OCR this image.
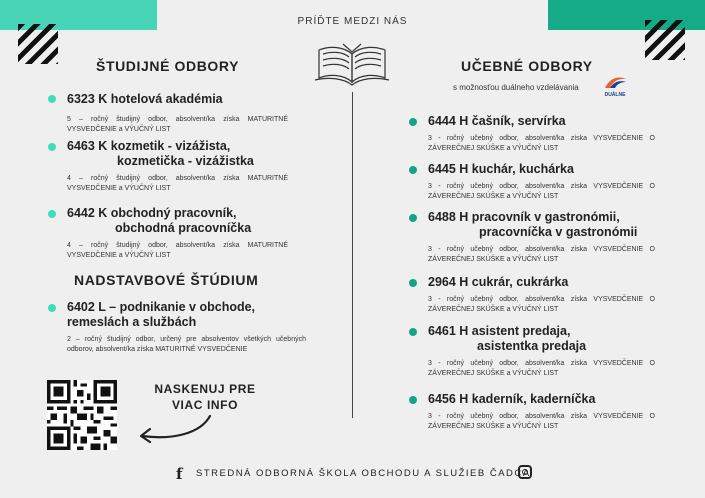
PRÍĎTE MEDZI NÁS
ŠTUDIJNÉ ODBORY
6323 K hotelová akadémia
5 – ročný študijný odbor, absolvent/ka získa MATURITNÉ VYSVEDČENIE a VÝUČNÝ LIST
6463 K kozmetik - vizážista,
kozmetička - vizážistka
4 – ročný študijný odbor, absolvent/ka získa MATURITNÉ VYSVEDČENIE a VÝUČNÝ LIST
6442 K obchodný pracovník,
obchodná pracovníčka
4 – ročný študijný odbor, absolvent/ka získa MATURITNÉ VYSVEDČENIE a VÝUČNÝ LIST
NADSTAVBOVÉ ŠTÚDIUM
6402 L – podnikanie v obchode,
remeslách a službách
2 – ročný študijný odbor, určený pre absolventov všetkých učebných odborov, absolvent/ka získa MATURITNÉ VYSVEDČENIE
NASKENUJ PRE
VIAC INFO
UČEBNÉ ODBORY
s možnosťou duálneho vzdelávania
DUÁLNE
6444 H čašník, servírka
3 - ročný učebný odbor, absolvent/ka získa VYSVEDČENIE O ZÁVEREČNEJ SKÚŠKE a VÝUČNÝ LIST
6445 H kuchár, kuchárka
3 - ročný učebný odbor, absolvent/ka získa VYSVEDČENIE O ZÁVEREČNEJ SKÚŠKE a VÝUČNÝ LIST
6488 H pracovník v gastronómii,
pracovníčka v gastronómii
3 - ročný učebný odbor, absolvent/ka získa VYSVEDČENIE O ZÁVEREČNEJ SKÚŠKE a VÝUČNÝ LIST
2964 H cukrár, cukrárka
3 - ročný učebný odbor, absolvent/ka získa VYSVEDČENIE O ZÁVEREČNEJ SKÚŠKE a VÝUČNÝ LIST
6461 H asistent predaja,
asistentka predaja
3 - ročný učebný odbor, absolvent/ka získa VYSVEDČENIE O ZÁVEREČNEJ SKÚŠKE a VÝUČNÝ LIST
6456 H kaderník, kaderníčka
3 - ročný učebný odbor, absolvent/ka získa VYSVEDČENIE O ZÁVEREČNEJ SKÚŠKE a VÝUČNÝ LIST
f STREDNÁ ODBORNÁ ŠKOLA OBCHODU A SLUŽIEB ČADCA
